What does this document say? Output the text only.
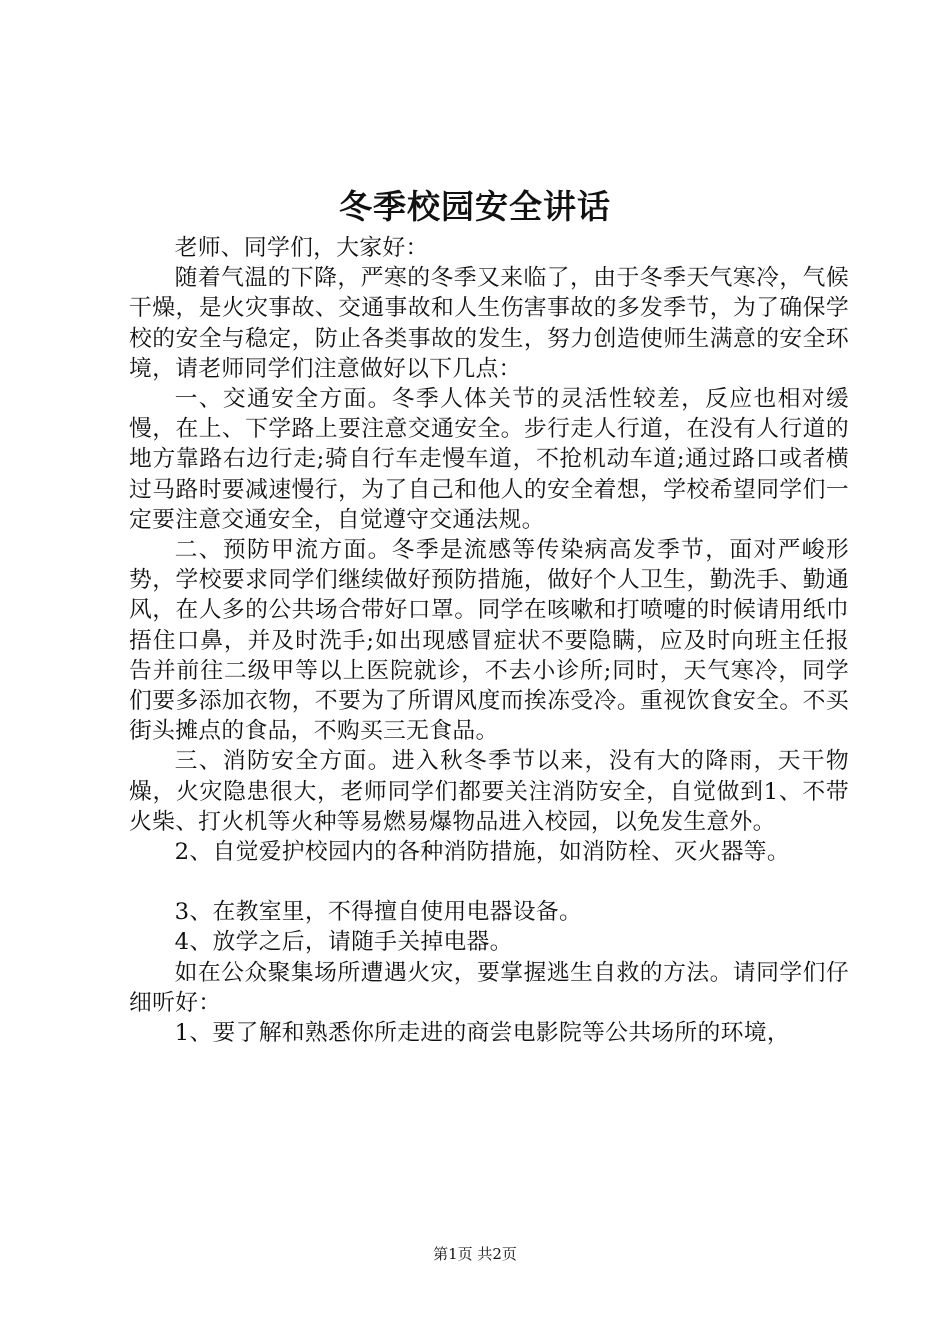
冬季校园安全讲话

老师、同学们，大家好：

随着气温的下降，严寒的冬季又来临了，由于冬季天气寒冷，气候干燥，是火灾事故、交通事故和人生伤害事故的多发季节，为了确保学校的安全与稳定，防止各类事故的发生，努力创造使师生满意的安全环境，请老师同学们注意做好以下几点：

一、交通安全方面。冬季人体关节的灵活性较差，反应也相对缓慢，在上、下学路上要注意交通安全。步行走人行道，在没有人行道的地方靠路右边行走;骑自行车走慢车道，不抢机动车道;通过路口或者横过马路时要减速慢行，为了自己和他人的安全着想，学校希望同学们一定要注意交通安全，自觉遵守交通法规。

二、预防甲流方面。冬季是流感等传染病高发季节，面对严峻形势，学校要求同学们继续做好预防措施，做好个人卫生，勤洗手、勤通风，在人多的公共场合带好口罩。同学在咳嗽和打喷嚏的时候请用纸巾捂住口鼻，并及时洗手;如出现感冒症状不要隐瞒，应及时向班主任报告并前往二级甲等以上医院就诊，不去小诊所;同时，天气寒冷，同学们要多添加衣物，不要为了所谓风度而挨冻受冷。重视饮食安全。不买街头摊点的食品，不购买三无食品。

三、消防安全方面。进入秋冬季节以来，没有大的降雨，天干物燥，火灾隐患很大，老师同学们都要关注消防安全，自觉做到1、不带火柴、打火机等火种等易燃易爆物品进入校园，以免发生意外。

2、自觉爱护校园内的各种消防措施，如消防栓、灭火器等。

3、在教室里，不得擅自使用电器设备。

4、放学之后，请随手关掉电器。

如在公众聚集场所遭遇火灾，要掌握逃生自救的方法。请同学们仔细听好：

1、要了解和熟悉你所走进的商尝电影院等公共场所的环境，

第1页 共2页
